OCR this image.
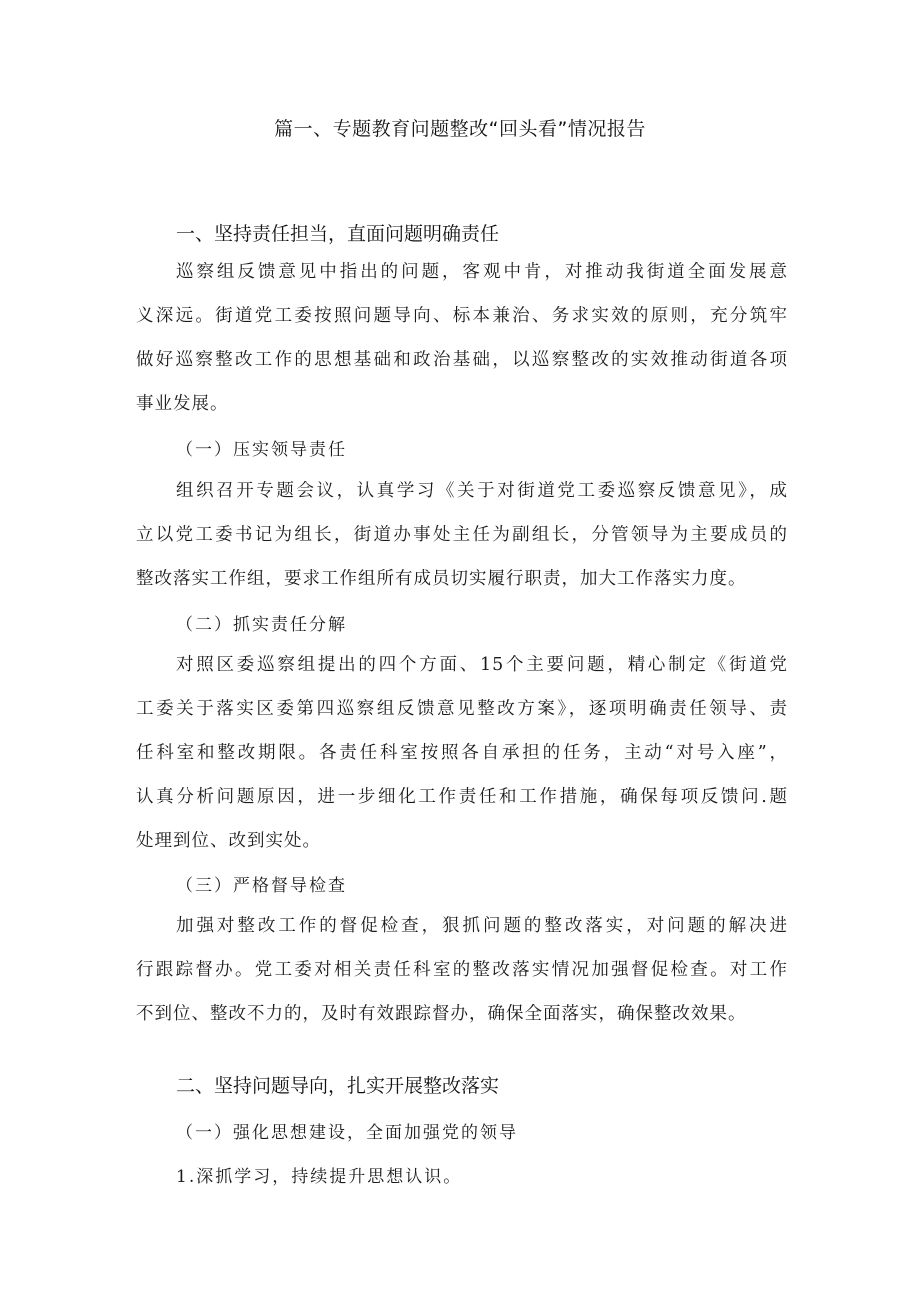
篇一、专题教育问题整改“回头看”情况报告
一、坚持责任担当，直面问题明确责任
巡察组反馈意见中指出的问题，客观中肯，对推动我街道全面发展意
义深远。街道党工委按照问题导向、标本兼治、务求实效的原则，充分筑牢
做好巡察整改工作的思想基础和政治基础，以巡察整改的实效推动街道各项
事业发展。
（一）压实领导责任
组织召开专题会议，认真学习《关于对街道党工委巡察反馈意见》，成
立以党工委书记为组长，街道办事处主任为副组长，分管领导为主要成员的
整改落实工作组，要求工作组所有成员切实履行职责，加大工作落实力度。
（二）抓实责任分解
对照区委巡察组提出的四个方面、15个主要问题，精心制定《街道党
工委关于落实区委第四巡察组反馈意见整改方案》，逐项明确责任领导、责
任科室和整改期限。各责任科室按照各自承担的任务，主动“对号入座”，
认真分析问题原因，进一步细化工作责任和工作措施，确保每项反馈问.题
处理到位、改到实处。
（三）严格督导检查
加强对整改工作的督促检查，狠抓问题的整改落实，对问题的解决进
行跟踪督办。党工委对相关责任科室的整改落实情况加强督促检查。对工作
不到位、整改不力的，及时有效跟踪督办，确保全面落实，确保整改效果。
二、坚持问题导向，扎实开展整改落实
（一）强化思想建设，全面加强党的领导
1.深抓学习，持续提升思想认识。
